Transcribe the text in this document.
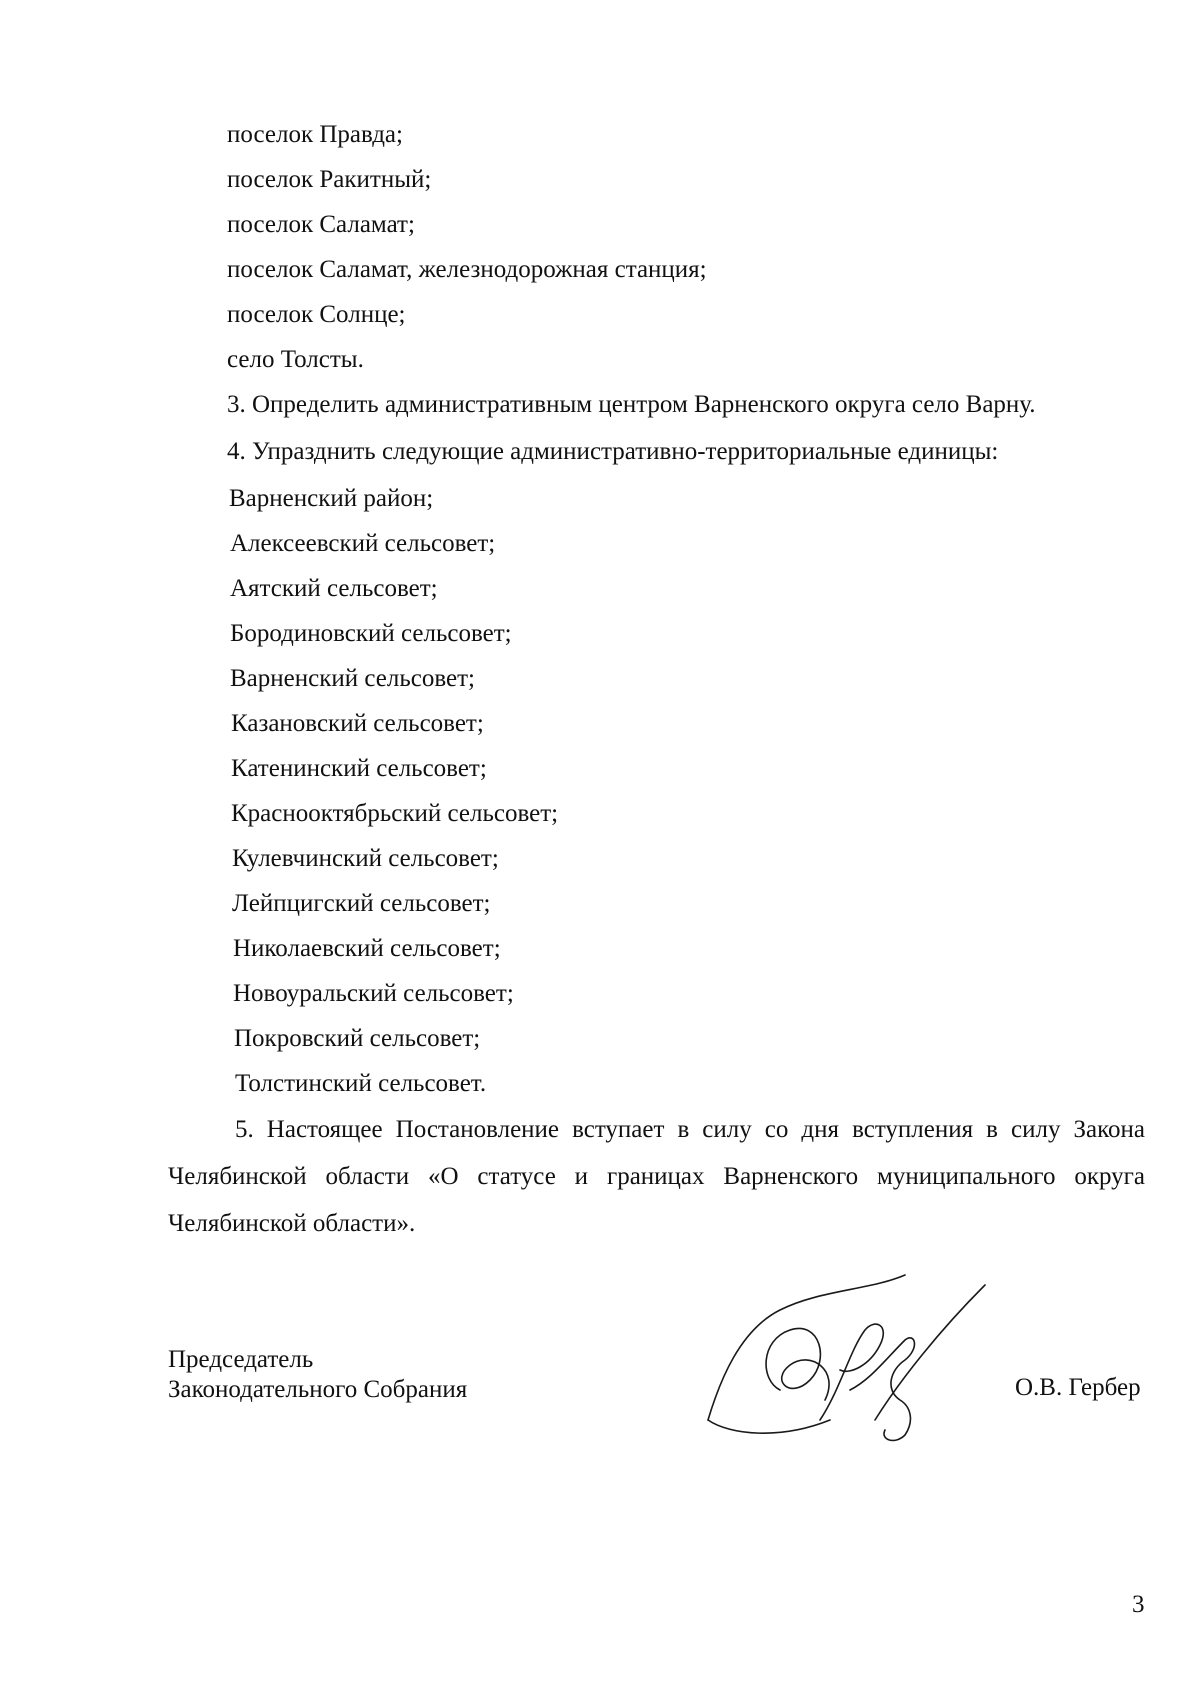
поселок Правда;
поселок Ракитный;
поселок Саламат;
поселок Саламат, железнодорожная станция;
поселок Солнце;
село Толсты.
3. Определить административным центром Варненского округа село Варну.
4. Упразднить следующие административно-территориальные единицы:
Варненский район;
Алексеевский сельсовет;
Аятский сельсовет;
Бородиновский сельсовет;
Варненский сельсовет;
Казановский сельсовет;
Катенинский сельсовет;
Краснооктябрьский сельсовет;
Кулевчинский сельсовет;
Лейпцигский сельсовет;
Николаевский сельсовет;
Новоуральский сельсовет;
Покровский сельсовет;
Толстинский сельсовет.
5. Настоящее Постановление вступает в силу со дня вступления в силу Закона
Челябинской области «О статусе и границах Варненского муниципального округа
Челябинской области».
Председатель
Законодательного Собрания	О.В. Гербер
3
